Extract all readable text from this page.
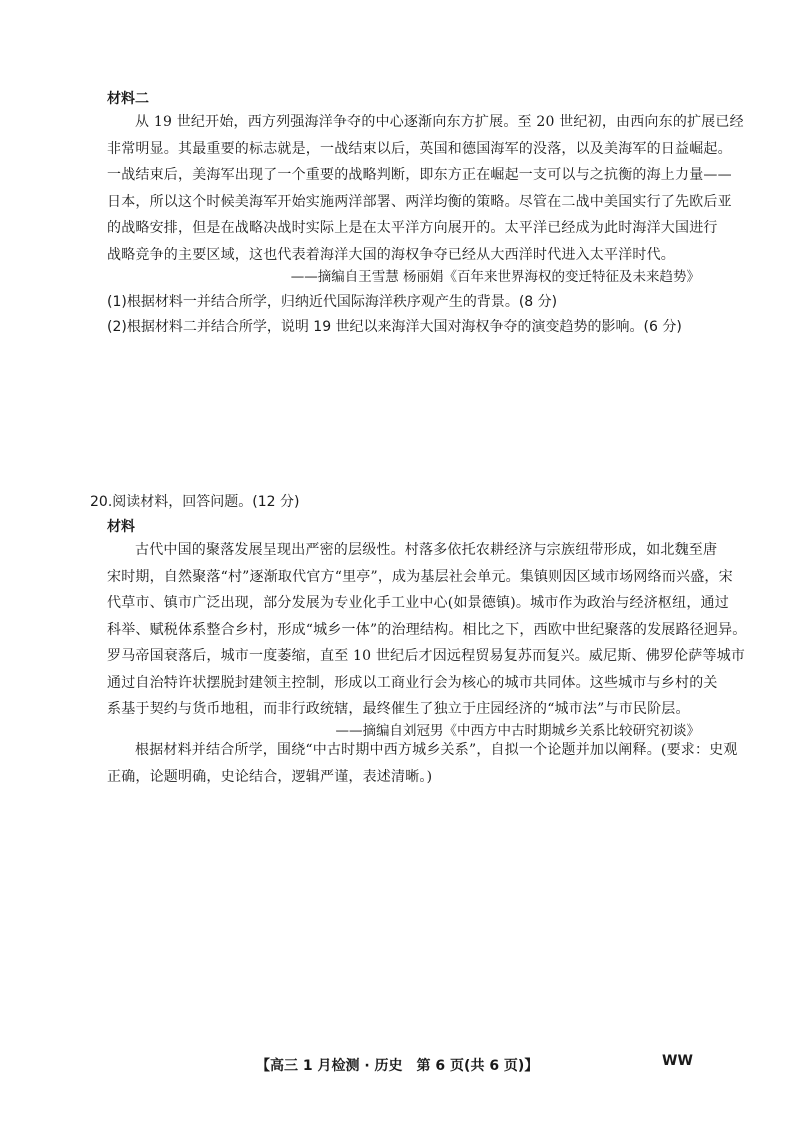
材料二

从 19 世纪开始，西方列强海洋争夺的中心逐渐向东方扩展。至 20 世纪初，由西向东的扩展已经

非常明显。其最重要的标志就是，一战结束以后，英国和德国海军的没落，以及美海军的日益崛起。

一战结束后，美海军出现了一个重要的战略判断，即东方正在崛起一支可以与之抗衡的海上力量——

日本，所以这个时候美海军开始实施两洋部署、两洋均衡的策略。尽管在二战中美国实行了先欧后亚

的战略安排，但是在战略决战时实际上是在太平洋方向展开的。太平洋已经成为此时海洋大国进行

战略竞争的主要区域，这也代表着海洋大国的海权争夺已经从大西洋时代进入太平洋时代。

——摘编自王雪慧 杨丽娟《百年来世界海权的变迁特征及未来趋势》
(1)根据材料一并结合所学，归纳近代国际海洋秩序观产生的背景。(8 分)
(2)根据材料二并结合所学，说明 19 世纪以来海洋大国对海权争夺的演变趋势的影响。(6 分)
20.阅读材料，回答问题。(12 分)
材料

古代中国的聚落发展呈现出严密的层级性。村落多依托农耕经济与宗族纽带形成，如北魏至唐

宋时期，自然聚落“村”逐渐取代官方“里亭”，成为基层社会单元。集镇则因区域市场网络而兴盛，宋

代草市、镇市广泛出现，部分发展为专业化手工业中心(如景德镇)。城市作为政治与经济枢纽，通过

科举、赋税体系整合乡村，形成“城乡一体”的治理结构。相比之下，西欧中世纪聚落的发展路径迥异。

罗马帝国衰落后，城市一度萎缩，直至 10 世纪后才因远程贸易复苏而复兴。威尼斯、佛罗伦萨等城市

通过自治特许状摆脱封建领主控制，形成以工商业行会为核心的城市共同体。这些城市与乡村的关

系基于契约与货币地租，而非行政统辖，最终催生了独立于庄园经济的“城市法”与市民阶层。

——摘编自刘冠男《中西方中古时期城乡关系比较研究初谈》

根据材料并结合所学，围绕“中古时期中西方城乡关系”，自拟一个论题并加以阐释。(要求：史观

正确，论题明确，史论结合，逻辑严谨，表述清晰。)

【高三 1 月检测 · 历史　第 6 页(共 6 页)】	WW
